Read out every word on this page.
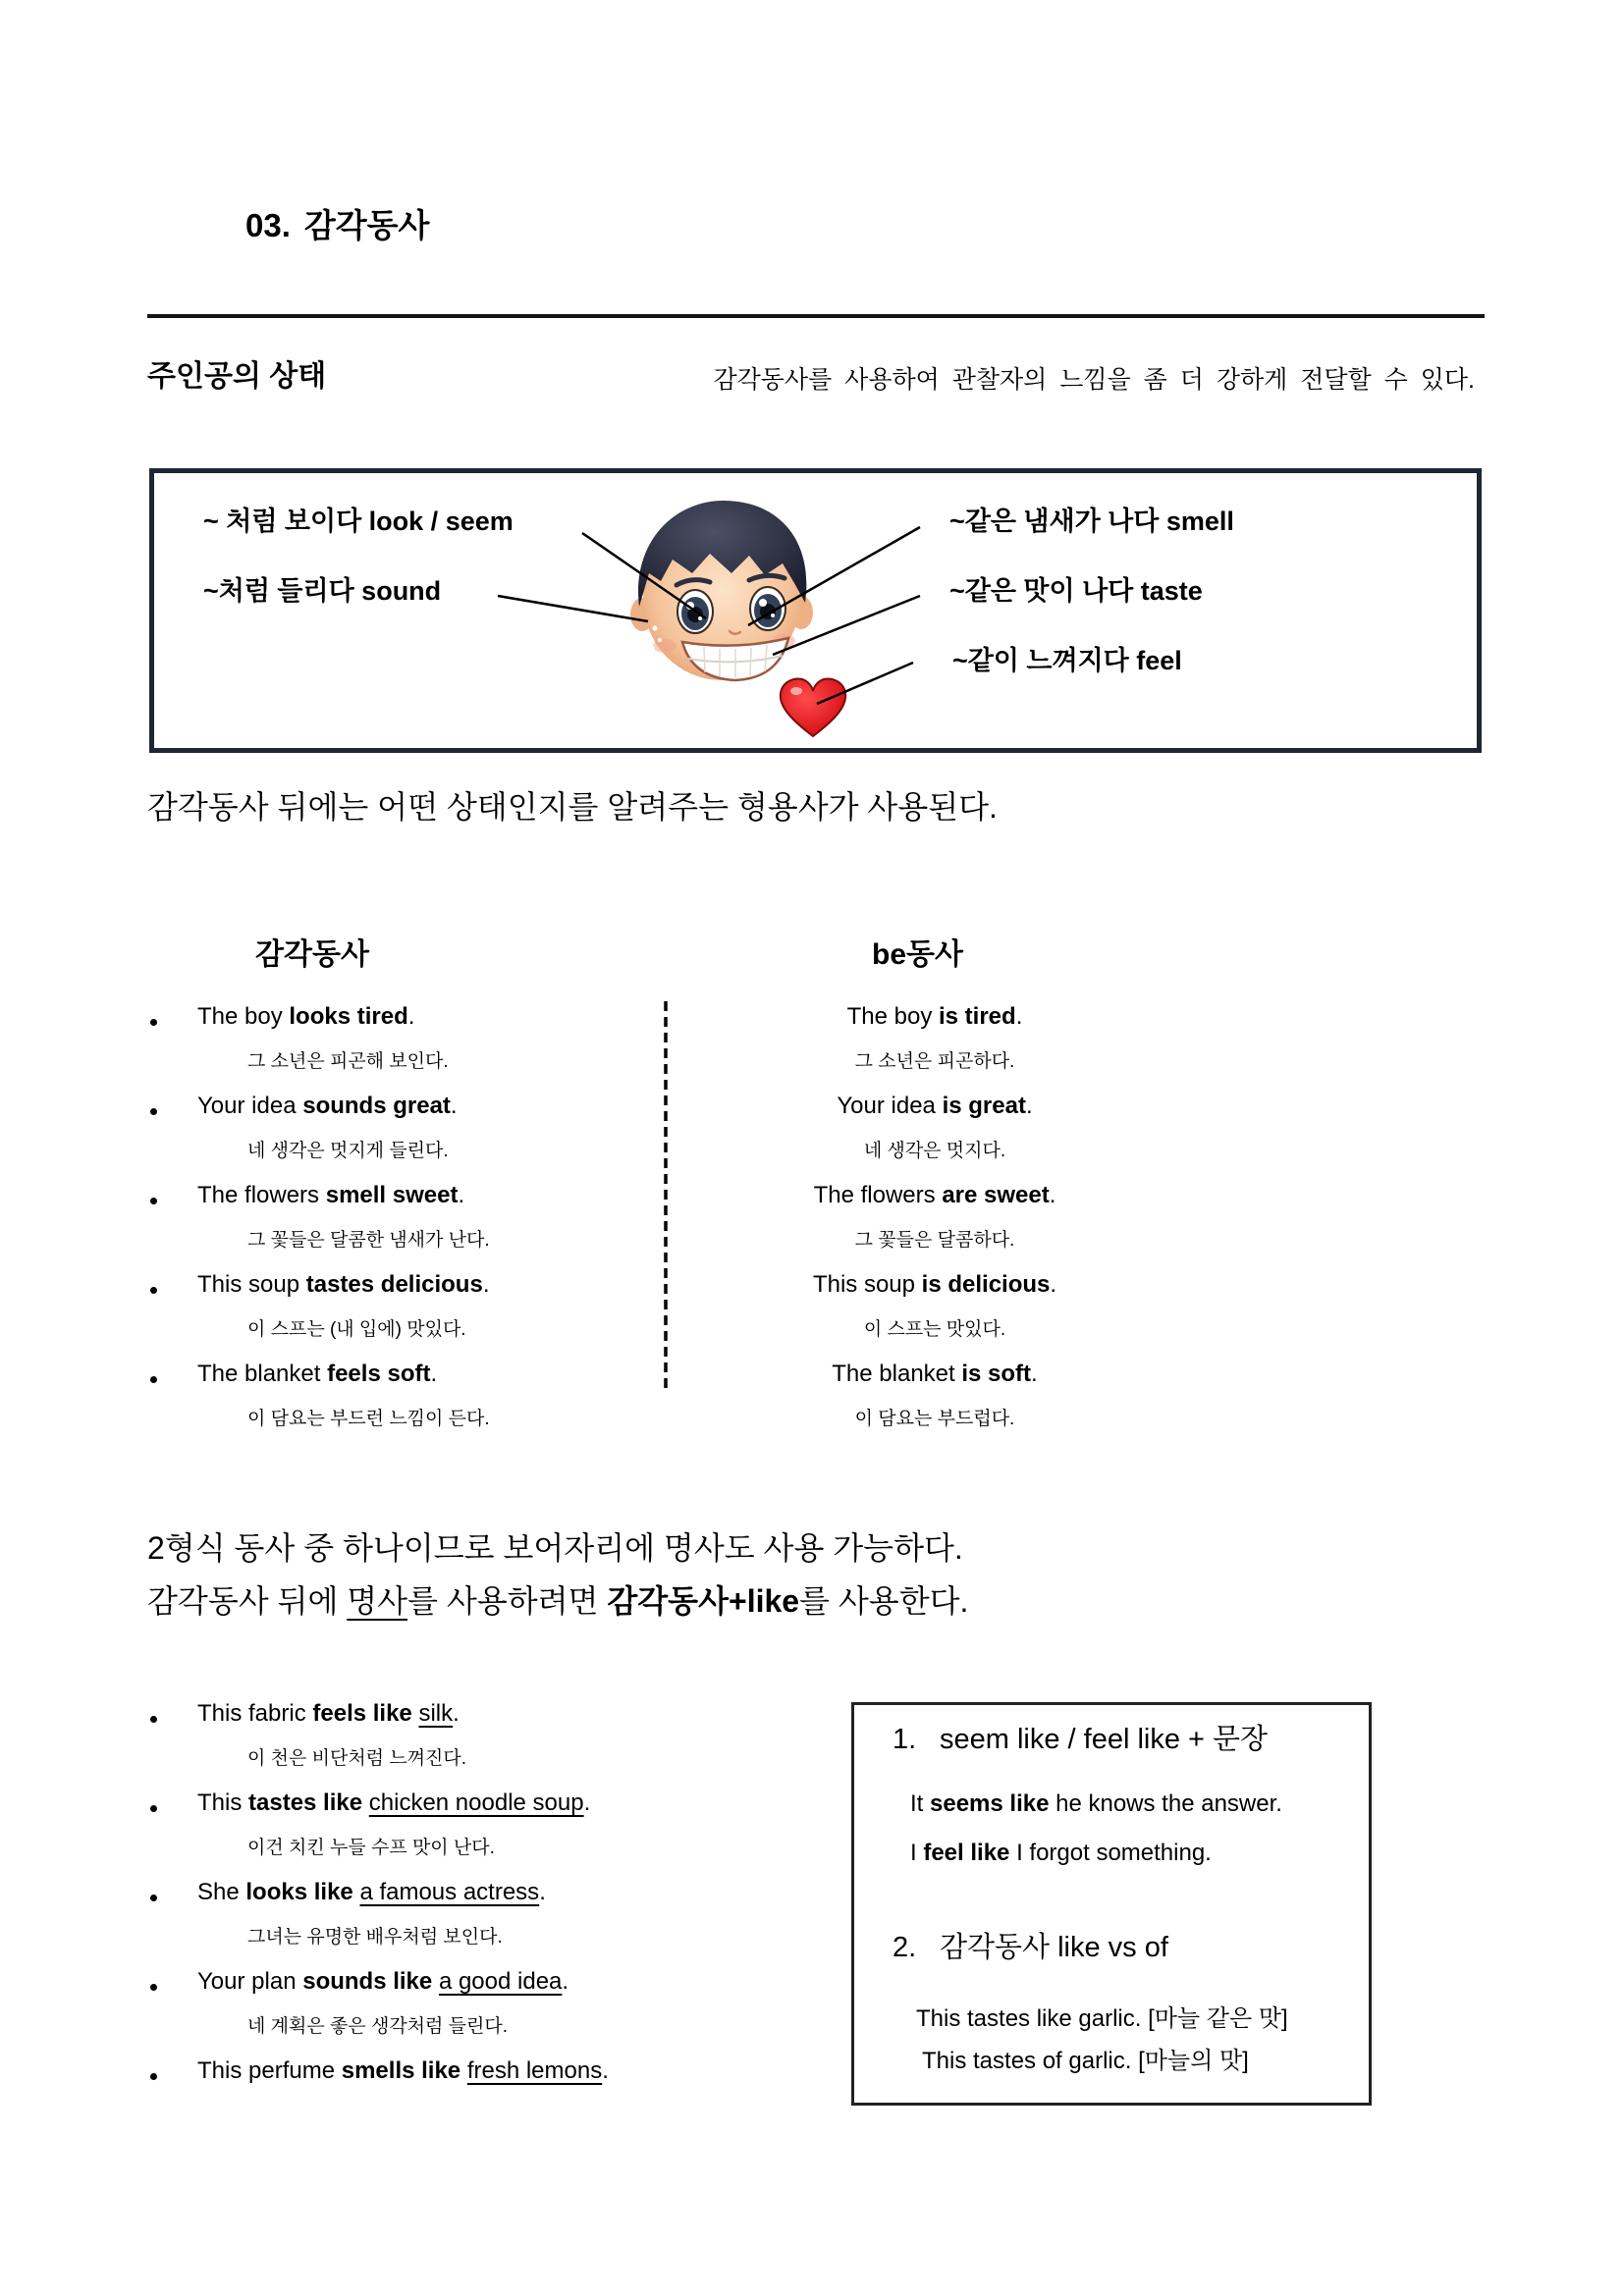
03. 감각동사
주인공의 상태	감각동사를 사용하여 관찰자의 느낌을 좀 더 강하게 전달할 수 있다.
~ 처럼 보이다 look / seem
~처럼 들리다 sound
~같은 냄새가 나다 smell
~같은 맛이 나다 taste
~같이 느껴지다 feel
감각동사 뒤에는 어떤 상태인지를 알려주는 형용사가 사용된다.
감각동사	be동사
The boy looks tired.
그 소년은 피곤해 보인다.
Your idea sounds great.
네 생각은 멋지게 들린다.
The flowers smell sweet.
그 꽃들은 달콤한 냄새가 난다.
This soup tastes delicious.
이 스프는 (내 입에) 맛있다.
The blanket feels soft.
이 담요는 부드런 느낌이 든다.
The boy is tired.
그 소년은 피곤하다.
Your idea is great.
네 생각은 멋지다.
The flowers are sweet.
그 꽃들은 달콤하다.
This soup is delicious.
이 스프는 맛있다.
The blanket is soft.
이 담요는 부드럽다.
2형식 동사 중 하나이므로 보어자리에 명사도 사용 가능하다.
감각동사 뒤에 명사를 사용하려면 감각동사+like를 사용한다.
This fabric feels like silk.
이 천은 비단처럼 느껴진다.
This tastes like chicken noodle soup.
이건 치킨 누들 수프 맛이 난다.
She looks like a famous actress.
그녀는 유명한 배우처럼 보인다.
Your plan sounds like a good idea.
네 계획은 좋은 생각처럼 들린다.
This perfume smells like fresh lemons.
1. seem like / feel like + 문장
It seems like he knows the answer.
I feel like I forgot something.
2. 감각동사 like vs of
This tastes like garlic. [마늘 같은 맛]
This tastes of garlic. [마늘의 맛]
